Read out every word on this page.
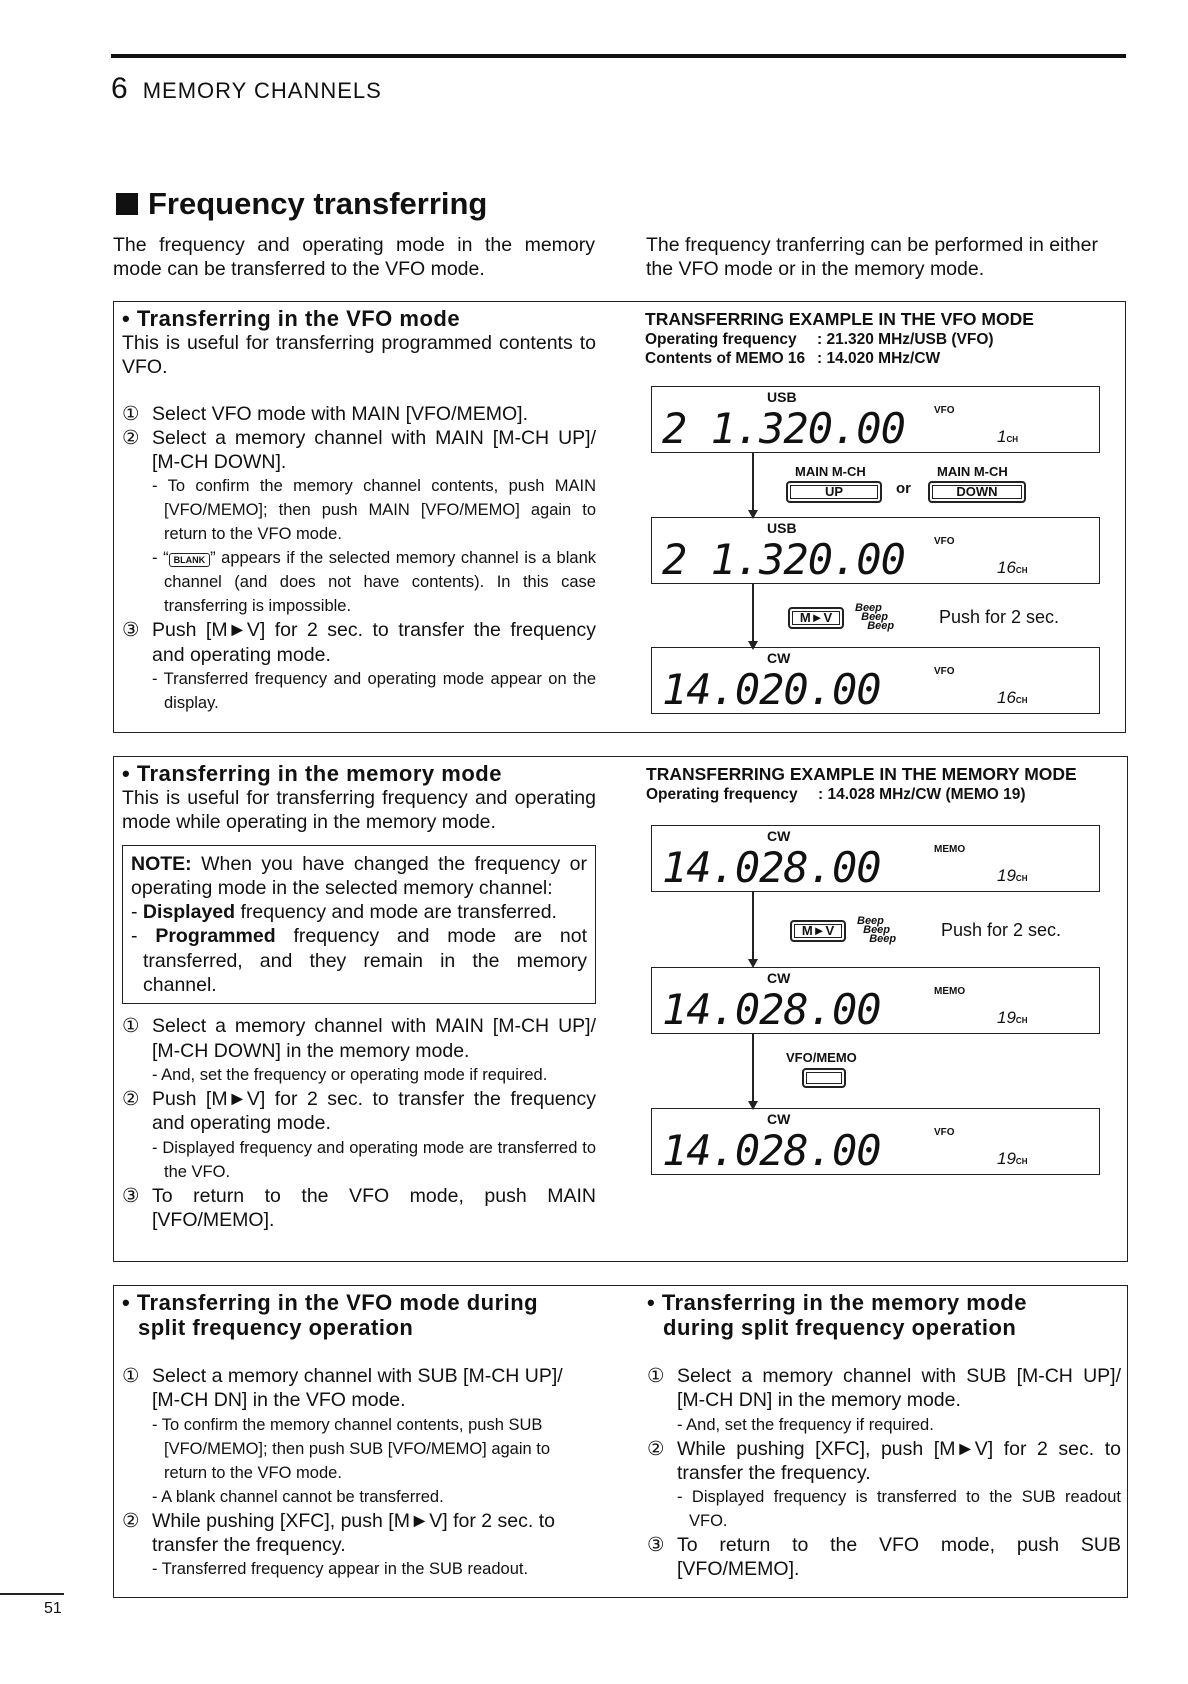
6 MEMORY CHANNELS
Frequency transferring
The frequency and operating mode in the memory mode can be transferred to the VFO mode.
The frequency tranferring can be performed in either the VFO mode or in the memory mode.
• Transferring in the VFO mode
This is useful for transferring programmed contents to VFO.
① Select VFO mode with MAIN [VFO/MEMO].
② Select a memory channel with MAIN [M-CH UP]/ [M-CH DOWN].
- To confirm the memory channel contents, push MAIN [VFO/MEMO]; then push MAIN [VFO/MEMO] again to return to the VFO mode.
- “ BLANK ” appears if the selected memory channel is a blank channel (and does not have contents). In this case transferring is impossible.
③ Push [M►V] for 2 sec. to transfer the frequency and operating mode.
- Transferred frequency and operating mode appear on the display.
TRANSFERRING EXAMPLE IN THE VFO MODE
Operating frequency	: 21.320 MHz/USB (VFO)
Contents of MEMO 16 : 14.020 MHz/CW
USB
2 1.320.00	VFO
1CH
MAIN M-CH	MAIN M-CH
UP	or	DOWN
USB
2 1.320.00	VFO
16CH
M►V
Beep
Beep
Beep Push for 2 sec.
CW
14.020.00	VFO
16CH
• Transferring in the memory mode
This is useful for transferring frequency and operating mode while operating in the memory mode.
NOTE: When you have changed the frequency or operating mode in the selected memory channel:
- Displayed frequency and mode are transferred.
- Programmed frequency and mode are not transferred, and they remain in the memory channel.
① Select a memory channel with MAIN [M-CH UP]/ [M-CH DOWN] in the memory mode.
- And, set the frequency or operating mode if required.
② Push [M►V] for 2 sec. to transfer the frequency and operating mode.
- Displayed frequency and operating mode are transferred to the VFO.
③ To return to the VFO mode, push MAIN [VFO/MEMO].
TRANSFERRING EXAMPLE IN THE MEMORY MODE
Operating frequency	: 14.028 MHz/CW (MEMO 19)
CW
14.028.00	MEMO
19CH
M►V
Beep
Beep
Beep Push for 2 sec.
CW
14.028.00	MEMO
19CH
VFO/MEMO
CW
14.028.00	VFO
19CH
• Transferring in the VFO mode during
split frequency operation
① Select a memory channel with SUB [M-CH UP]/ [M-CH DN] in the VFO mode.
- To confirm the memory channel contents, push SUB [VFO/MEMO]; then push SUB [VFO/MEMO] again to return to the VFO mode.
- A blank channel cannot be transferred.
② While pushing [XFC], push [M►V] for 2 sec. to transfer the frequency.
- Transferred frequency appear in the SUB readout.
• Transferring in the memory mode
during split frequency operation
① Select a memory channel with SUB [M-CH UP]/ [M-CH DN] in the memory mode.
- And, set the frequency if required.
② While pushing [XFC], push [M►V] for 2 sec. to transfer the frequency.
- Displayed frequency is transferred to the SUB readout VFO.
③ To return to the VFO mode, push SUB [VFO/MEMO].
51
